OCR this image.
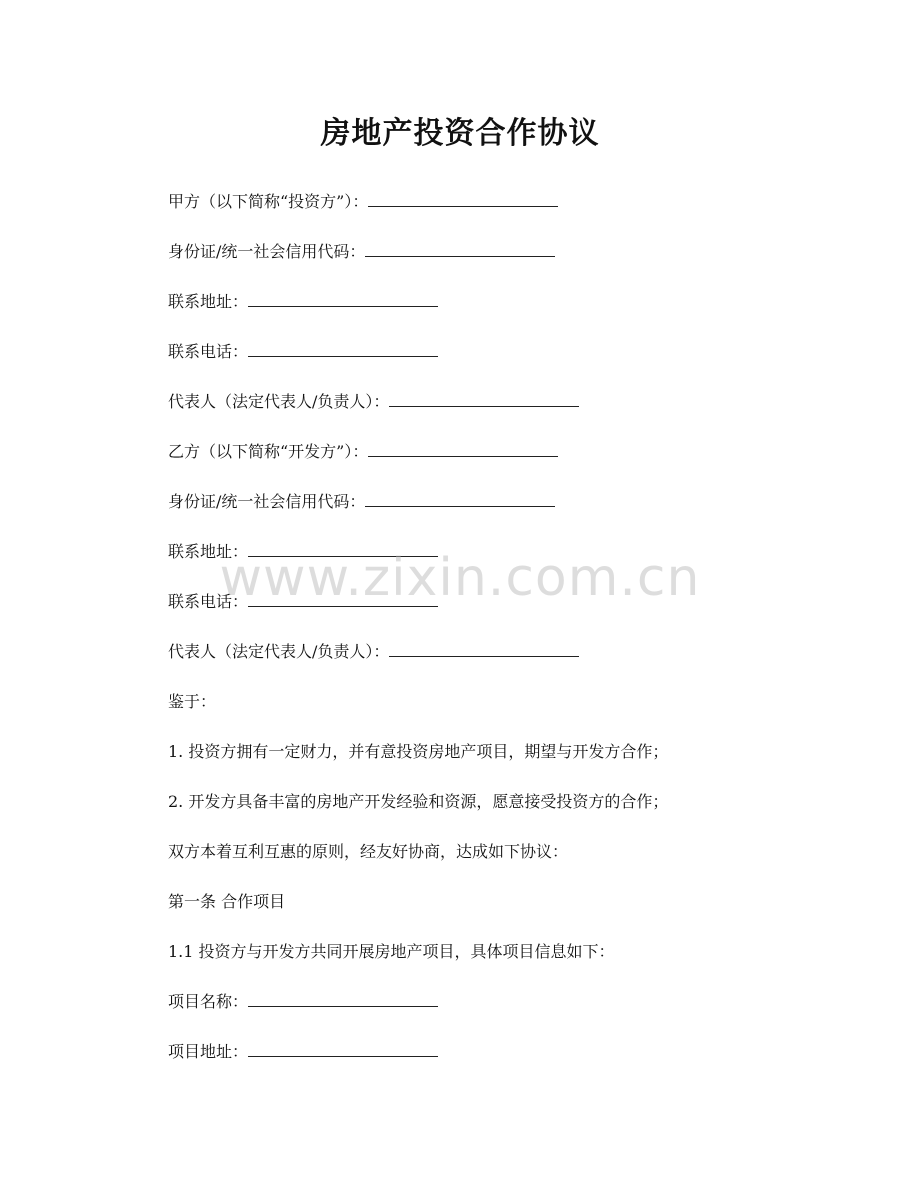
房地产投资合作协议
甲方（以下简称“投资方”）：
身份证/统一社会信用代码：
联系地址：
联系电话：
代表人（法定代表人/负责人）：
乙方（以下简称“开发方”）：
身份证/统一社会信用代码：
联系地址：
联系电话：
代表人（法定代表人/负责人）：
鉴于：
1. 投资方拥有一定财力，并有意投资房地产项目，期望与开发方合作；
2. 开发方具备丰富的房地产开发经验和资源，愿意接受投资方的合作；
双方本着互利互惠的原则，经友好协商，达成如下协议：
第一条 合作项目
1.1 投资方与开发方共同开展房地产项目，具体项目信息如下：
项目名称：
项目地址：
www.zixin.com.cn
